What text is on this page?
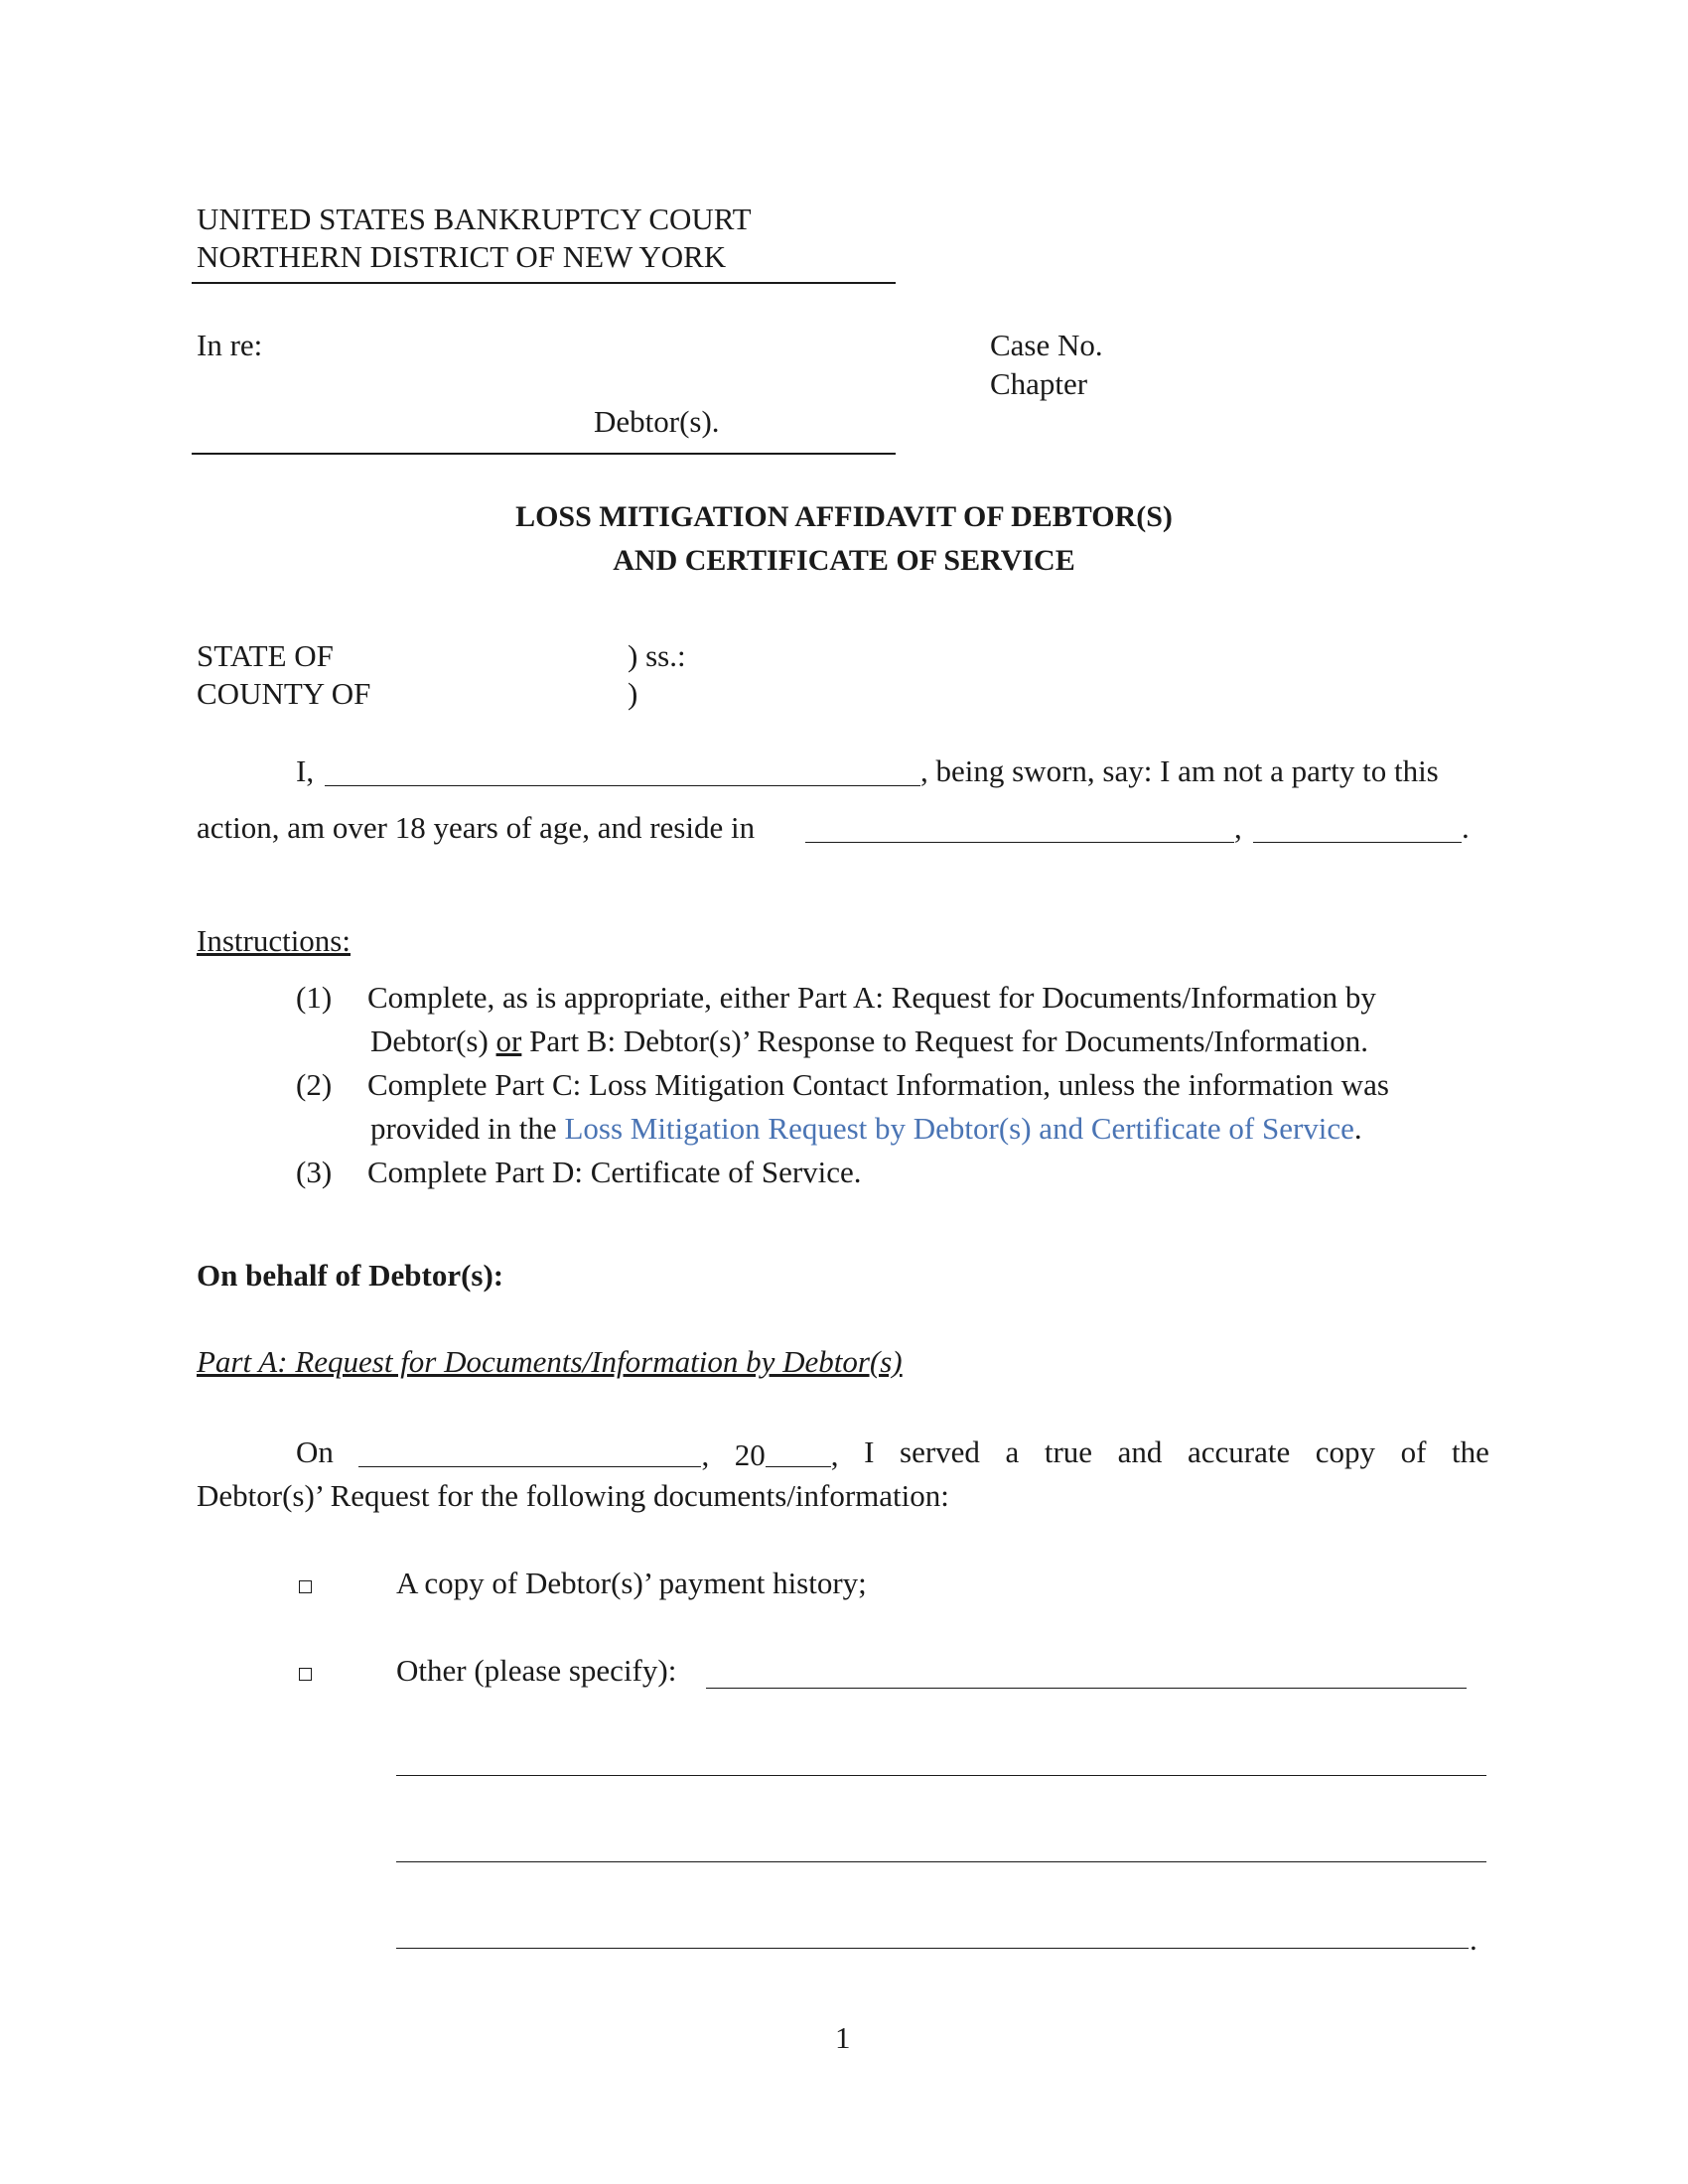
UNITED STATES BANKRUPTCY COURT
NORTHERN DISTRICT OF NEW YORK
In re:	Case No.
Chapter
Debtor(s).
LOSS MITIGATION AFFIDAVIT OF DEBTOR(S)
AND CERTIFICATE OF SERVICE
STATE OF	) ss.:
COUNTY OF	)
I,	, being sworn, say: I am not a party to this
action, am over 18 years of age, and reside in	,	.
Instructions:
(1) Complete, as is appropriate, either Part A: Request for Documents/Information by
Debtor(s) or Part B: Debtor(s)’ Response to Request for Documents/Information.
(2) Complete Part C: Loss Mitigation Contact Information, unless the information was
provided in the Loss Mitigation Request by Debtor(s) and Certificate of Service.
(3) Complete Part D: Certificate of Service.
On behalf of Debtor(s):
Part A: Request for Documents/Information by Debtor(s)
On	, 20 , I served a true and accurate copy of the
Debtor(s)’ Request for the following documents/information:
A copy of Debtor(s)’ payment history;
Other (please specify):
.
1
